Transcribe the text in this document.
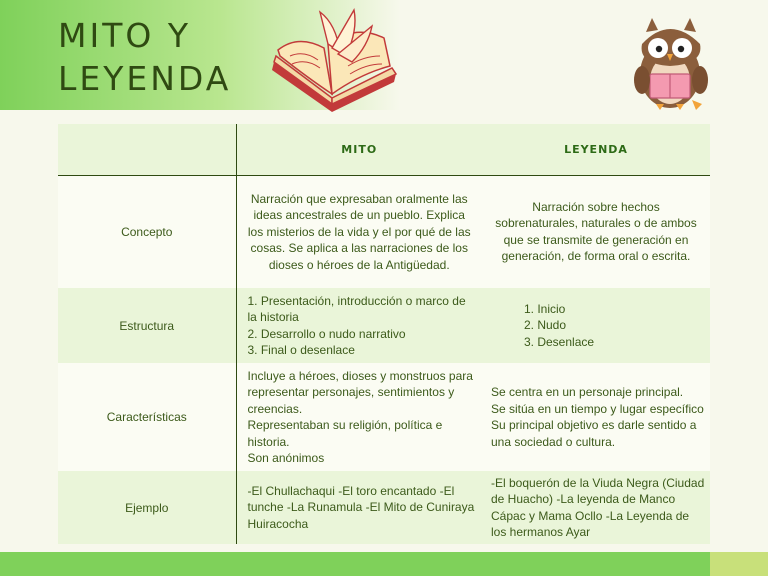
MITO Y
LEYENDA
	MITO	LEYENDA
Concepto	Narración que expresaban oralmente las ideas ancestrales de un pueblo. Explica los misterios de la vida y el por qué de las cosas. Se aplica a las narraciones de los dioses o héroes de la Antigüedad.	Narración sobre hechos sobrenaturales, naturales o de ambos que se transmite de generación en generación, de forma oral o escrita.
Estructura	1. Presentación, introducción o marco de la historia
2. Desarrollo o nudo narrativo
3. Final o desenlace	1. Inicio
2. Nudo
3. Desenlace

Características	Incluye a héroes, dioses y monstruos para representar personajes, sentimientos y creencias.
Representaban su religión, política e historia.
Son anónimos	Se centra en un personaje principal.
Se sitúa en un tiempo y lugar específico
Su principal objetivo es darle sentido a una sociedad o cultura.

Ejemplo	-El Chullachaqui -El toro encantado -El tunche -La Runamula -El Mito de Cuniraya Huiracocha	-El boquerón de la Viuda Negra (Ciudad de Huacho) -La leyenda de Manco Cápac y Mama Ocllo -La Leyenda de los hermanos Ayar
